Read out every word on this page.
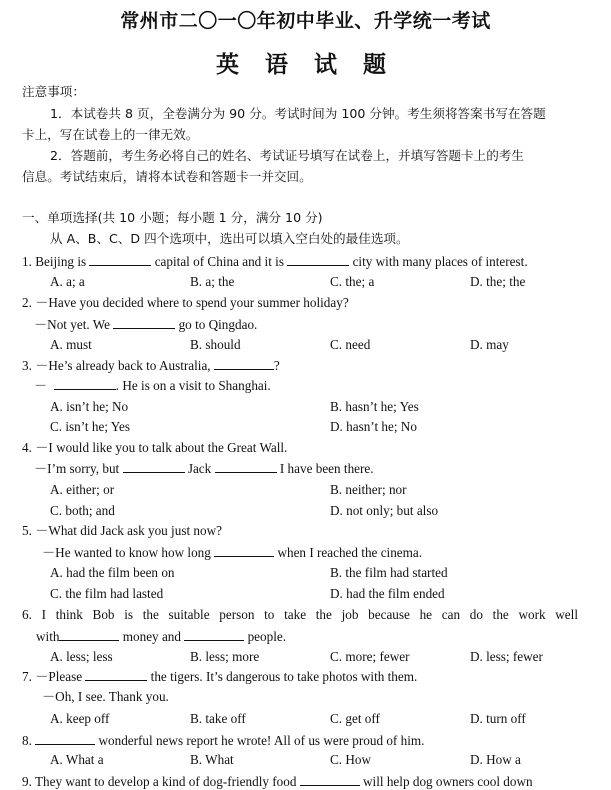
常州市二〇一〇年初中毕业、升学统一考试
英 语 试 题
注意事项：
1．本试卷共 8 页，全卷满分为 90 分。考试时间为 100 分钟。考生须将答案书写在答题
卡上，写在试卷上的一律无效。
2．答题前，考生务必将自己的姓名、考试证号填写在试卷上，并填写答题卡上的考生
信息。考试结束后，请将本试卷和答题卡一并交回。
一、单项选择(共 10 小题；每小题 1 分，满分 10 分)
从 A、B、C、D 四个选项中，选出可以填入空白处的最佳选项。
1. Beijing is	capital of China and it is	city with many places of interest.
A. a; a	B. a; the	C. the; a	D. the; the
2. －Have you decided where to spend your summer holiday?
－Not yet. We	go to Qingdao.
A. must	B. should	C. need	D. may
3. －He’s already back to Australia,	?
－	. He is on a visit to Shanghai.
A. isn’t he; No	B. hasn’t he; Yes
C. isn’t he; Yes	D. hasn’t he; No
4. －I would like you to talk about the Great Wall.
－I’m sorry, but	Jack	I have been there.
A. either; or	B. neither; nor
C. both; and	D. not only; but also
5. －What did Jack ask you just now?
－He wanted to know how long	when I reached the cinema.
A. had the film been on	B. the film had started
C. the film had lasted	D. had the film ended
6. I think Bob is the suitable person to take the job because he can do the work well
with	money and	people.
A. less; less	B. less; more	C. more; fewer	D. less; fewer
7. －Please	the tigers. It’s dangerous to take photos with them.
－Oh, I see. Thank you.
A. keep off	B. take off	C. get off	D. turn off
8.	wonderful news report he wrote! All of us were proud of him.
A. What a	B. What	C. How	D. How a
9. They want to develop a kind of dog-friendly food	will help dog owners cool down
